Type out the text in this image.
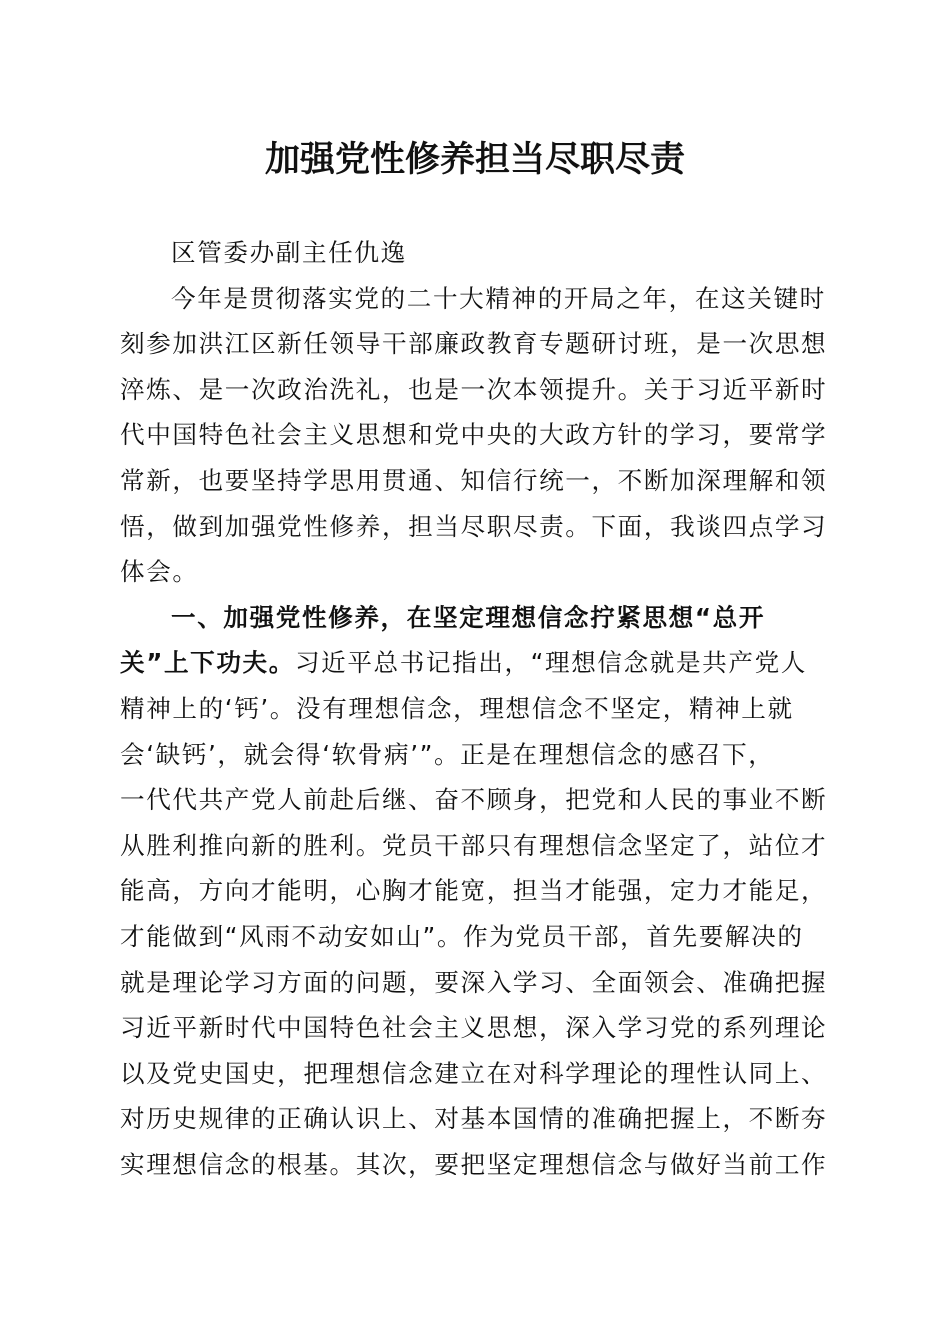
加强党性修养担当尽职尽责
区管委办副主任仇逸
今年是贯彻落实党的二十大精神的开局之年，在这关键时
刻参加洪江区新任领导干部廉政教育专题研讨班，是一次思想
淬炼、是一次政治洗礼，也是一次本领提升。关于习近平新时
代中国特色社会主义思想和党中央的大政方针的学习，要常学
常新，也要坚持学思用贯通、知信行统一，不断加深理解和领
悟，做到加强党性修养，担当尽职尽责。下面，我谈四点学习
体会。
一、加强党性修养，在坚定理想信念拧紧思想“总开
关”上下功夫。习近平总书记指出，“理想信念就是共产党人
精神上的‘钙’。没有理想信念，理想信念不坚定，精神上就
会‘缺钙’，就会得‘软骨病’”。正是在理想信念的感召下，
一代代共产党人前赴后继、奋不顾身，把党和人民的事业不断
从胜利推向新的胜利。党员干部只有理想信念坚定了，站位才
能高，方向才能明，心胸才能宽，担当才能强，定力才能足，
才能做到“风雨不动安如山”。作为党员干部，首先要解决的
就是理论学习方面的问题，要深入学习、全面领会、准确把握
习近平新时代中国特色社会主义思想，深入学习党的系列理论
以及党史国史，把理想信念建立在对科学理论的理性认同上、
对历史规律的正确认识上、对基本国情的准确把握上，不断夯
实理想信念的根基。其次，要把坚定理想信念与做好当前工作
